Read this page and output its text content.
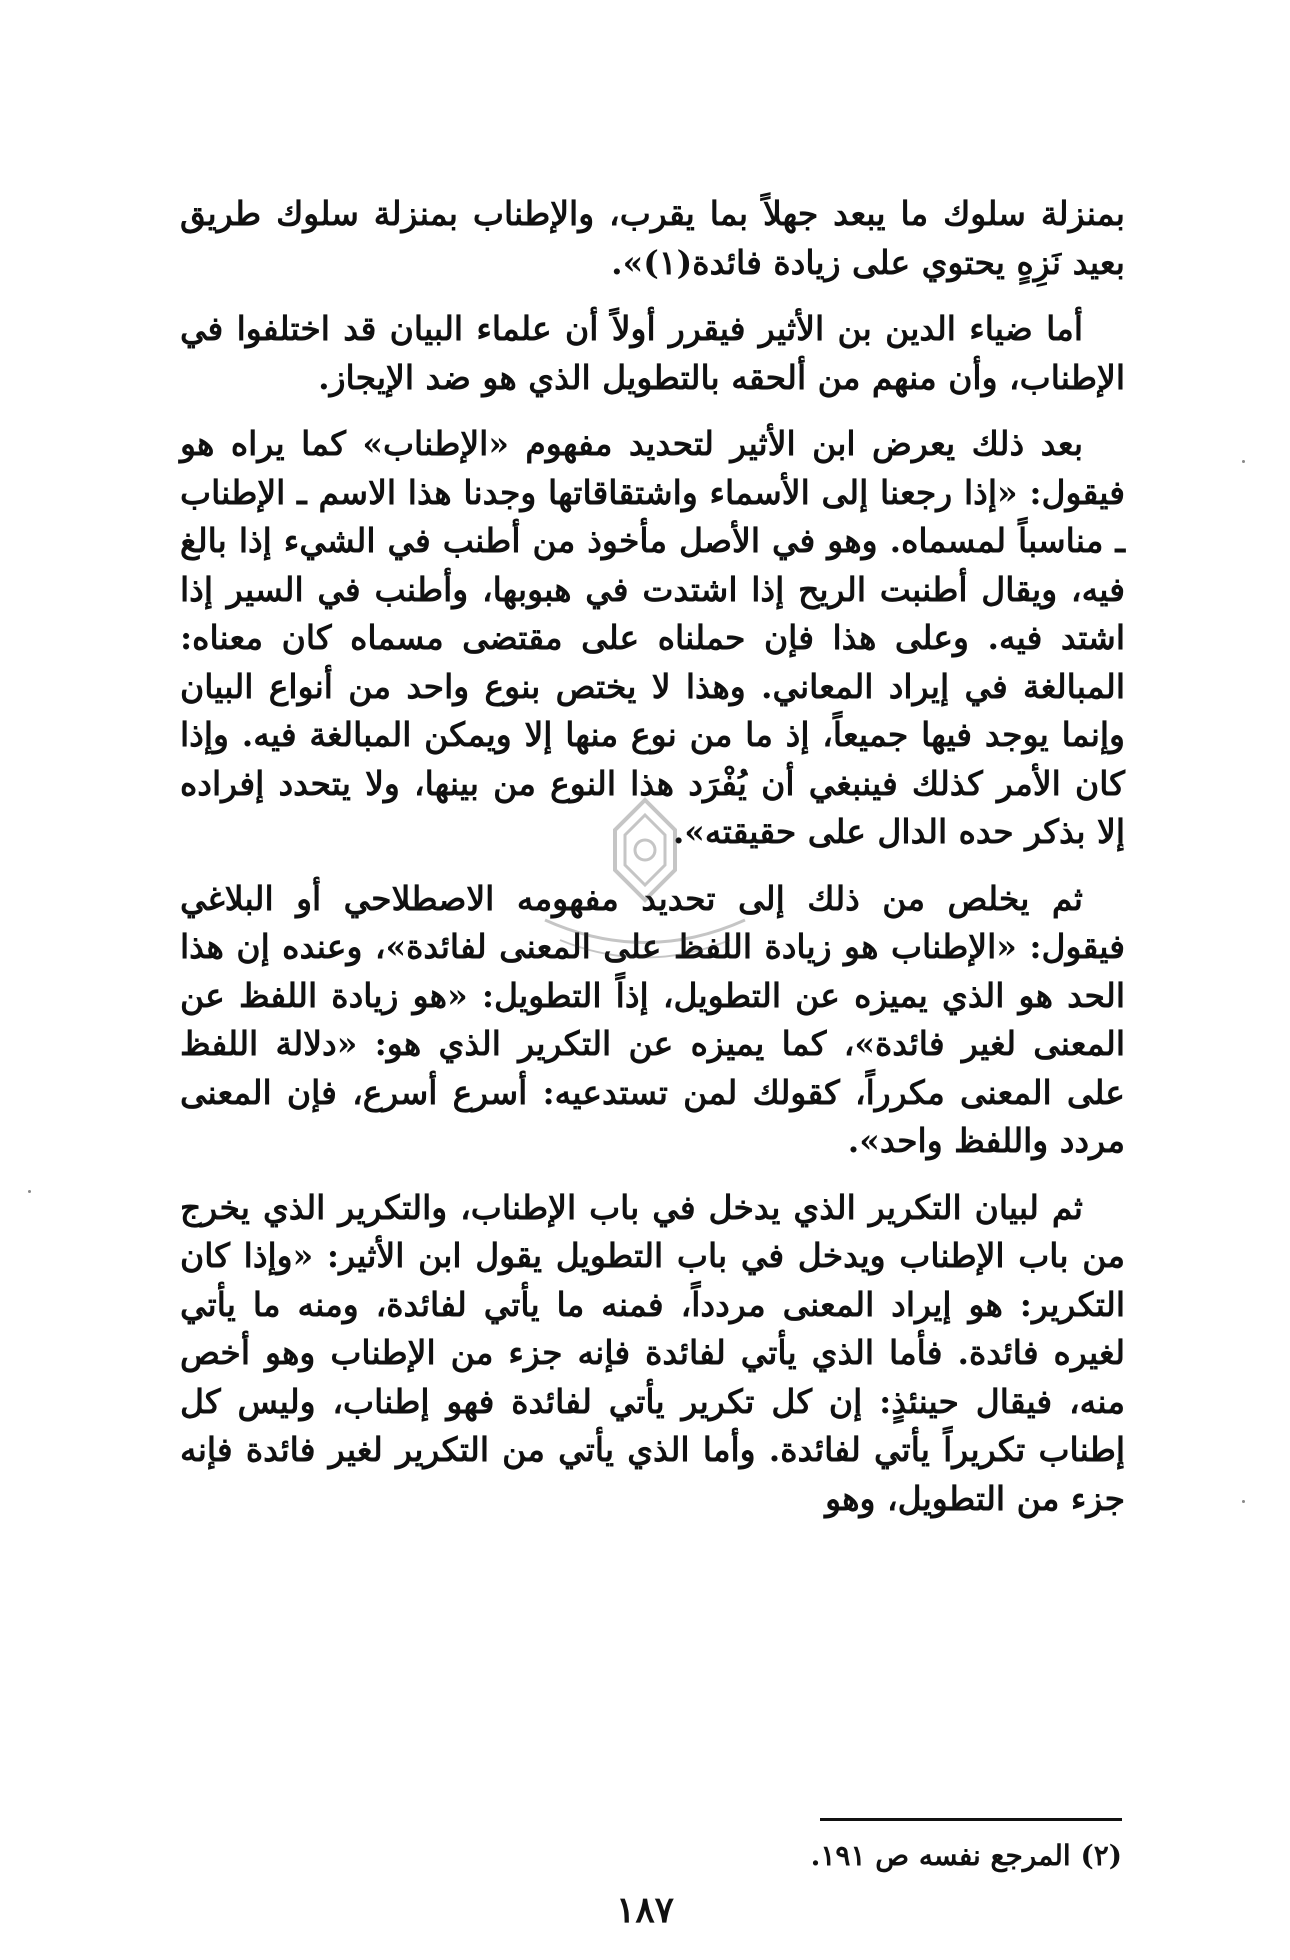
بمنزلة سلوك ما يبعد جهلاً بما يقرب، والإطناب بمنزلة سلوك طريق بعيد نَزِهٍ يحتوي على زيادة فائدة(١)».

أما ضياء الدين بن الأثير فيقرر أولاً أن علماء البيان قد اختلفوا في الإطناب، وأن منهم من ألحقه بالتطويل الذي هو ضد الإيجاز.

بعد ذلك يعرض ابن الأثير لتحديد مفهوم «الإطناب» كما يراه هو فيقول: «إذا رجعنا إلى الأسماء واشتقاقاتها وجدنا هذا الاسم ـ الإطناب ـ مناسباً لمسماه. وهو في الأصل مأخوذ من أطنب في الشيء إذا بالغ فيه، ويقال أطنبت الريح إذا اشتدت في هبوبها، وأطنب في السير إذا اشتد فيه. وعلى هذا فإن حملناه على مقتضى مسماه كان معناه: المبالغة في إيراد المعاني. وهذا لا يختص بنوع واحد من أنواع البيان وإنما يوجد فيها جميعاً، إذ ما من نوع منها إلا ويمكن المبالغة فيه. وإذا كان الأمر كذلك فينبغي أن يُفْرَد هذا النوع من بينها، ولا يتحدد إفراده إلا بذكر حده الدال على حقيقته».

ثم يخلص من ذلك إلى تحديد مفهومه الاصطلاحي أو البلاغي فيقول: «الإطناب هو زيادة اللفظ على المعنى لفائدة»، وعنده إن هذا الحد هو الذي يميزه عن التطويل، إذاً التطويل: «هو زيادة اللفظ عن المعنى لغير فائدة»، كما يميزه عن التكرير الذي هو: «دلالة اللفظ على المعنى مكرراً، كقولك لمن تستدعيه: أسرع أسرع، فإن المعنى مردد واللفظ واحد».

ثم لبيان التكرير الذي يدخل في باب الإطناب، والتكرير الذي يخرج من باب الإطناب ويدخل في باب التطويل يقول ابن الأثير: «وإذا كان التكرير: هو إيراد المعنى مردداً، فمنه ما يأتي لفائدة، ومنه ما يأتي لغيره فائدة. فأما الذي يأتي لفائدة فإنه جزء من الإطناب وهو أخص منه، فيقال حينئذٍ: إن كل تكرير يأتي لفائدة فهو إطناب، وليس كل إطناب تكريراً يأتي لفائدة. وأما الذي يأتي من التكرير لغير فائدة فإنه جزء من التطويل، وهو

(٢) المرجع نفسه ص ١٩١.
١٨٧
